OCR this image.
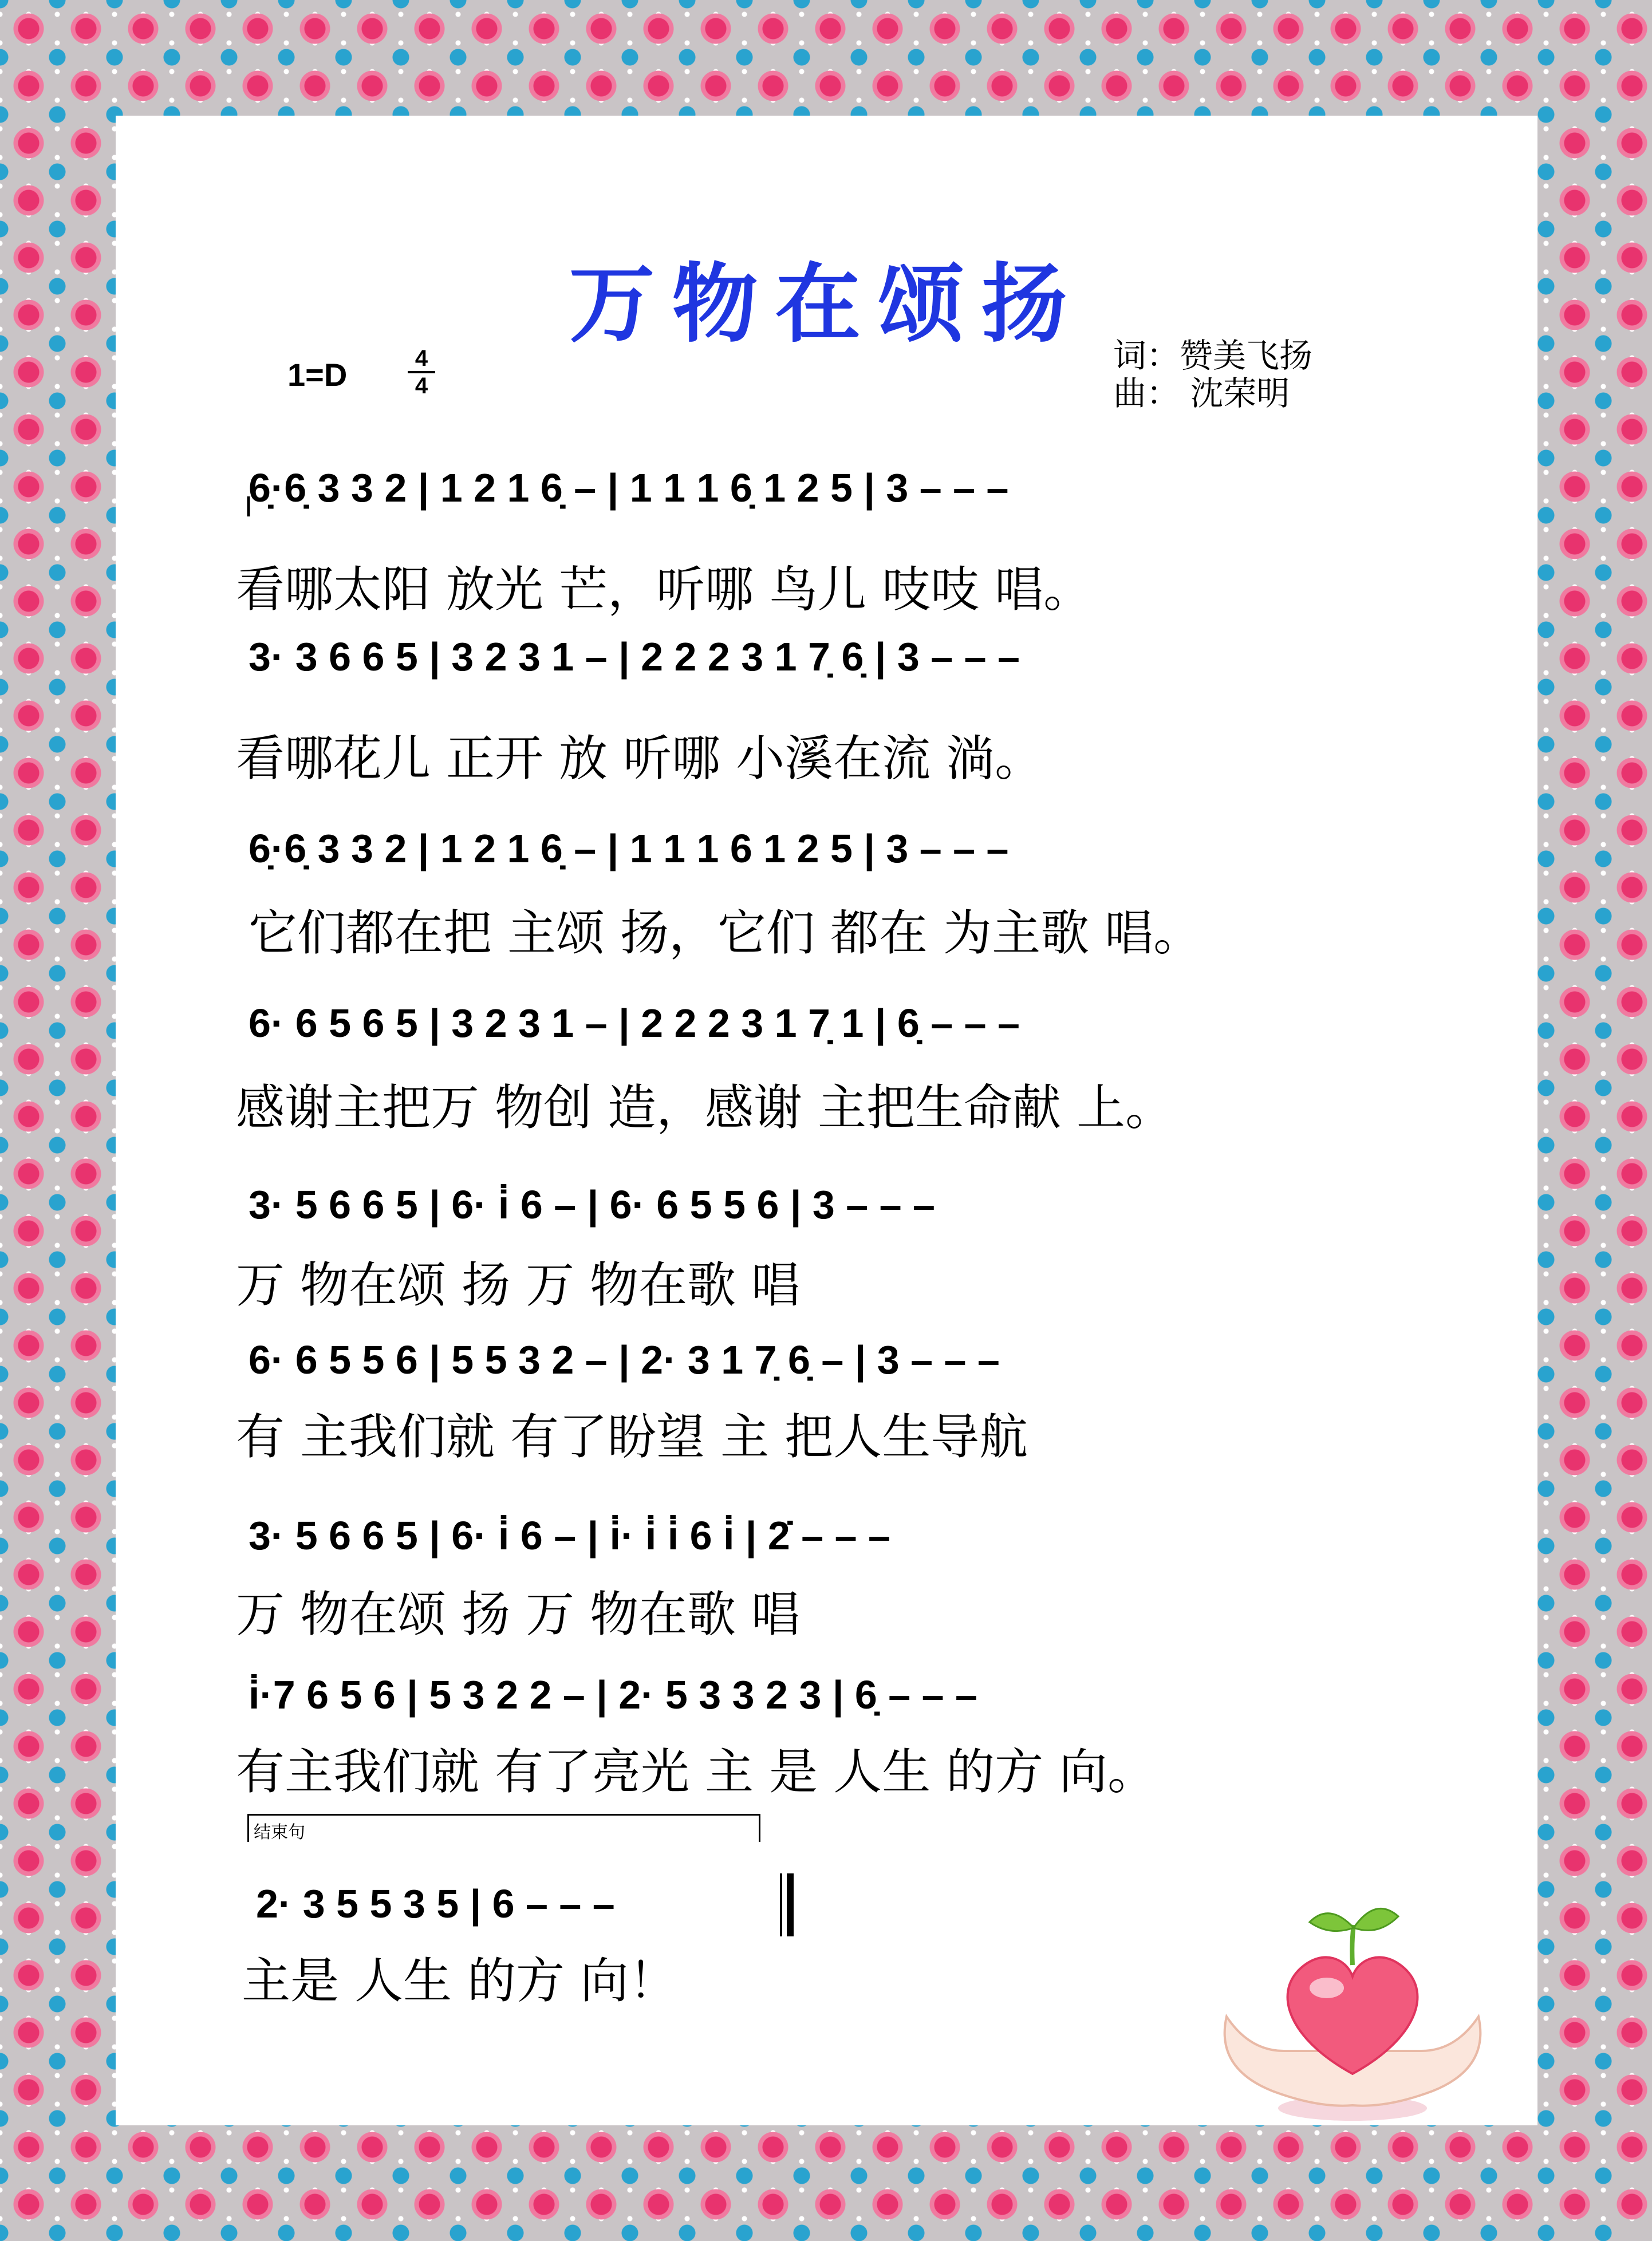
万物在颂扬
1=D	4
4
词：赞美飞扬
曲： 沈荣明
6̣·6̣ 3 3 2 | 1 2 1 6̣ – | 1 1 1 6̣ 1 2 5 | 3 – – –
看哪太阳 放光 芒，听哪 鸟儿 吱吱 唱。
3· 3 6 6 5 | 3 2 3 1 – | 2 2 2 3 1 7̣ 6̣ | 3 – – –
看哪花儿 正开 放 听哪 小溪在流 淌。
6̣·6̣ 3 3 2 | 1 2 1 6̣ – | 1 1 1 6 1 2 5 | 3 – – –
它们都在把 主颂 扬，它们 都在 为主歌 唱。
6· 6 5 6 5 | 3 2 3 1 – | 2 2 2 3 1 7̣ 1 | 6̣ – – –
感谢主把万 物创 造，感谢 主把生命献 上。
3· 5 6 6 5 | 6· i̇ 6 – | 6· 6 5 5 6 | 3 – – –
万 物在颂 扬 万 物在歌 唱
6· 6 5 5 6 | 5 5 3 2 – | 2· 3 1 7̣ 6̣ – | 3 – – –
有 主我们就 有了盼望 主 把人生导航
3· 5 6 6 5 | 6· i̇ 6 – | i̇· i̇ i̇ 6 i̇ | 2̇ – – –
万 物在颂 扬 万 物在歌 唱
i̇·7 6 5 6 | 5 3 2 2 – | 2· 5 3 3 2 3 | 6̣ – – –
有主我们就 有了亮光 主 是 人生 的方 向。
结束句
2· 3 5 5 3 5 | 6 – – –
主是 人生 的方 向！
